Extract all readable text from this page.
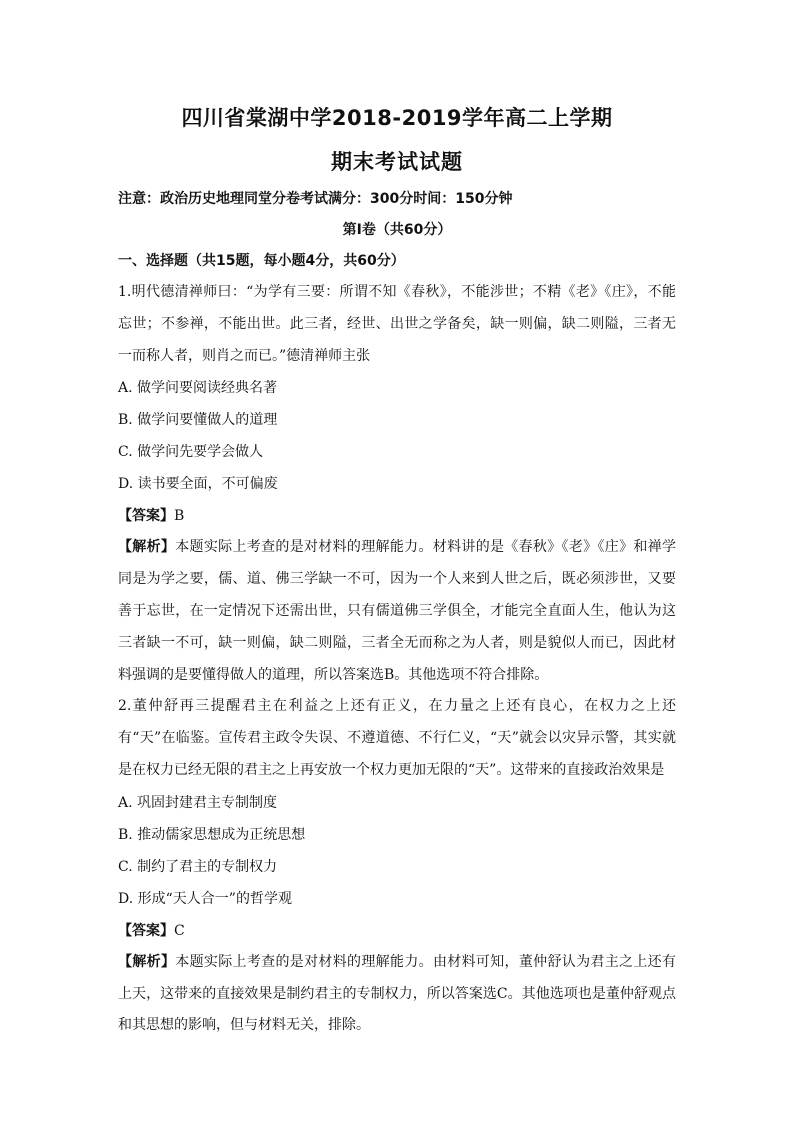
四川省棠湖中学2018-2019学年高二上学期
期末考试试题
注意：政治历史地理同堂分卷考试满分：300分时间：150分钟
第Ⅰ卷（共60分）
一、选择题（共15题，每小题4分，共60分）
1.明代德清禅师曰：“为学有三要：所谓不知《春秋》，不能涉世；不精《老》《庄》，不能忘世；不参禅，不能出世。此三者，经世、出世之学备矣，缺一则偏，缺二则隘，三者无一而称人者，则肖之而已。”德清禅师主张
A. 做学问要阅读经典名著
B. 做学问要懂做人的道理
C. 做学问先要学会做人
D. 读书要全面，不可偏废
【答案】B
【解析】本题实际上考查的是对材料的理解能力。材料讲的是《春秋》《老》《庄》和禅学同是为学之要，儒、道、佛三学缺一不可，因为一个人来到人世之后，既必须涉世，又要善于忘世，在一定情况下还需出世，只有儒道佛三学俱全，才能完全直面人生，他认为这三者缺一不可，缺一则偏，缺二则隘，三者全无而称之为人者，则是貌似人而已，因此材料强调的是要懂得做人的道理，所以答案选B。其他选项不符合排除。
2.董仲舒再三提醒君主在利益之上还有正义，在力量之上还有良心，在权力之上还有“天”在临鉴。宣传君主政令失误、不遵道德、不行仁义，“天”就会以灾异示警，其实就是在权力已经无限的君主之上再安放一个权力更加无限的“天”。这带来的直接政治效果是
A. 巩固封建君主专制制度
B. 推动儒家思想成为正统思想
C. 制约了君主的专制权力
D. 形成“天人合一”的哲学观
【答案】C
【解析】本题实际上考查的是对材料的理解能力。由材料可知，董仲舒认为君主之上还有上天，这带来的直接效果是制约君主的专制权力，所以答案选C。其他选项也是董仲舒观点和其思想的影响，但与材料无关，排除。
